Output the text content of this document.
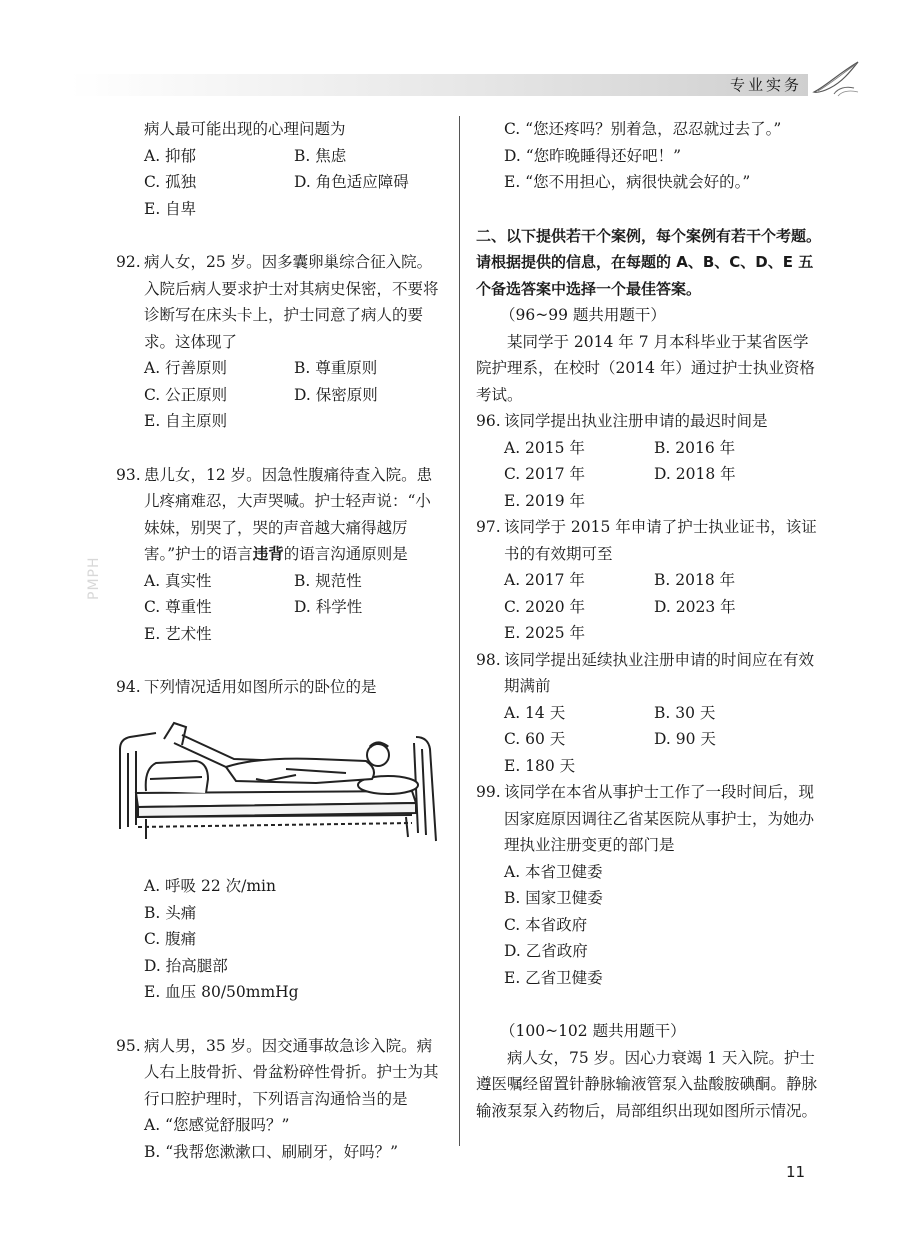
专业实务
PMPH
病人最可能出现的心理问题为
A. 抑郁	B. 焦虑
C. 孤独	D. 角色适应障碍
E. 自卑
92. 病人女，25 岁。因多囊卵巢综合征入院。入院后病人要求护士对其病史保密，不要将诊断写在床头卡上，护士同意了病人的要求。这体现了
A. 行善原则	B. 尊重原则
C. 公正原则	D. 保密原则
E. 自主原则
93. 患儿女，12 岁。因急性腹痛待查入院。患儿疼痛难忍，大声哭喊。护士轻声说：“小妹妹，别哭了，哭的声音越大痛得越厉害。”护士的语言违背的语言沟通原则是
A. 真实性	B. 规范性
C. 尊重性	D. 科学性
E. 艺术性
94. 下列情况适用如图所示的卧位的是
A. 呼吸 22 次/min
B. 头痛
C. 腹痛
D. 抬高腿部
E. 血压 80/50mmHg
95. 病人男，35 岁。因交通事故急诊入院。病人右上肢骨折、骨盆粉碎性骨折。护士为其行口腔护理时，下列语言沟通恰当的是
A. “您感觉舒服吗？”
B. “我帮您漱漱口、刷刷牙，好吗？”
C. “您还疼吗？别着急，忍忍就过去了。”
D. “您昨晚睡得还好吧！”
E. “您不用担心，病很快就会好的。”
二、以下提供若干个案例，每个案例有若干个考题。请根据提供的信息，在每题的 A、B、C、D、E 五个备选答案中选择一个最佳答案。
（96~99 题共用题干）
某同学于 2014 年 7 月本科毕业于某省医学院护理系，在校时（2014 年）通过护士执业资格考试。
96. 该同学提出执业注册申请的最迟时间是
A. 2015 年	B. 2016 年
C. 2017 年	D. 2018 年
E. 2019 年
97. 该同学于 2015 年申请了护士执业证书，该证书的有效期可至
A. 2017 年	B. 2018 年
C. 2020 年	D. 2023 年
E. 2025 年
98. 该同学提出延续执业注册申请的时间应在有效期满前
A. 14 天	B. 30 天
C. 60 天	D. 90 天
E. 180 天
99. 该同学在本省从事护士工作了一段时间后，现因家庭原因调往乙省某医院从事护士，为她办理执业注册变更的部门是
A. 本省卫健委
B. 国家卫健委
C. 本省政府
D. 乙省政府
E. 乙省卫健委
（100~102 题共用题干）
病人女，75 岁。因心力衰竭 1 天入院。护士遵医嘱经留置针静脉输液管泵入盐酸胺碘酮。静脉输液泵泵入药物后，局部组织出现如图所示情况。
11
